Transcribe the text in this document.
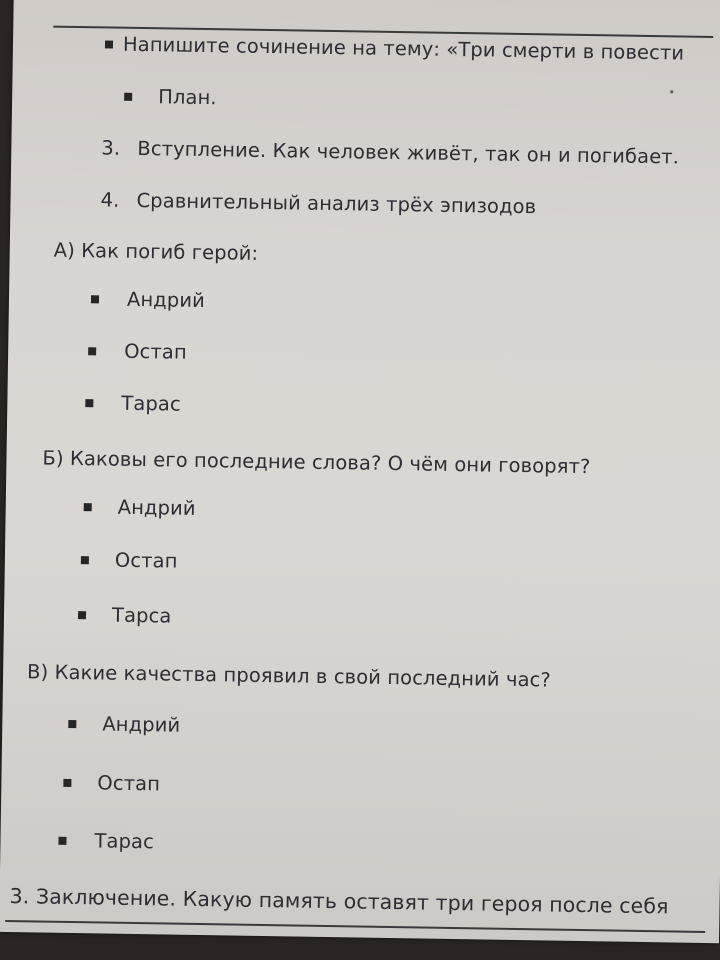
Напишите сочинение на тему: «Три смерти в повести
План.
3. Вступление. Как человек живёт, так он и погибает.
4. Сравнительный анализ трёх эпизодов
А) Как погиб герой:
Андрий
Остап
Тарас
Б) Каковы его последние слова? О чём они говорят?
Андрий
Остап
Тарса
В) Какие качества проявил в свой последний час?
Андрий
Остап
Тарас
3. Заключение. Какую память оставят три героя после себя
